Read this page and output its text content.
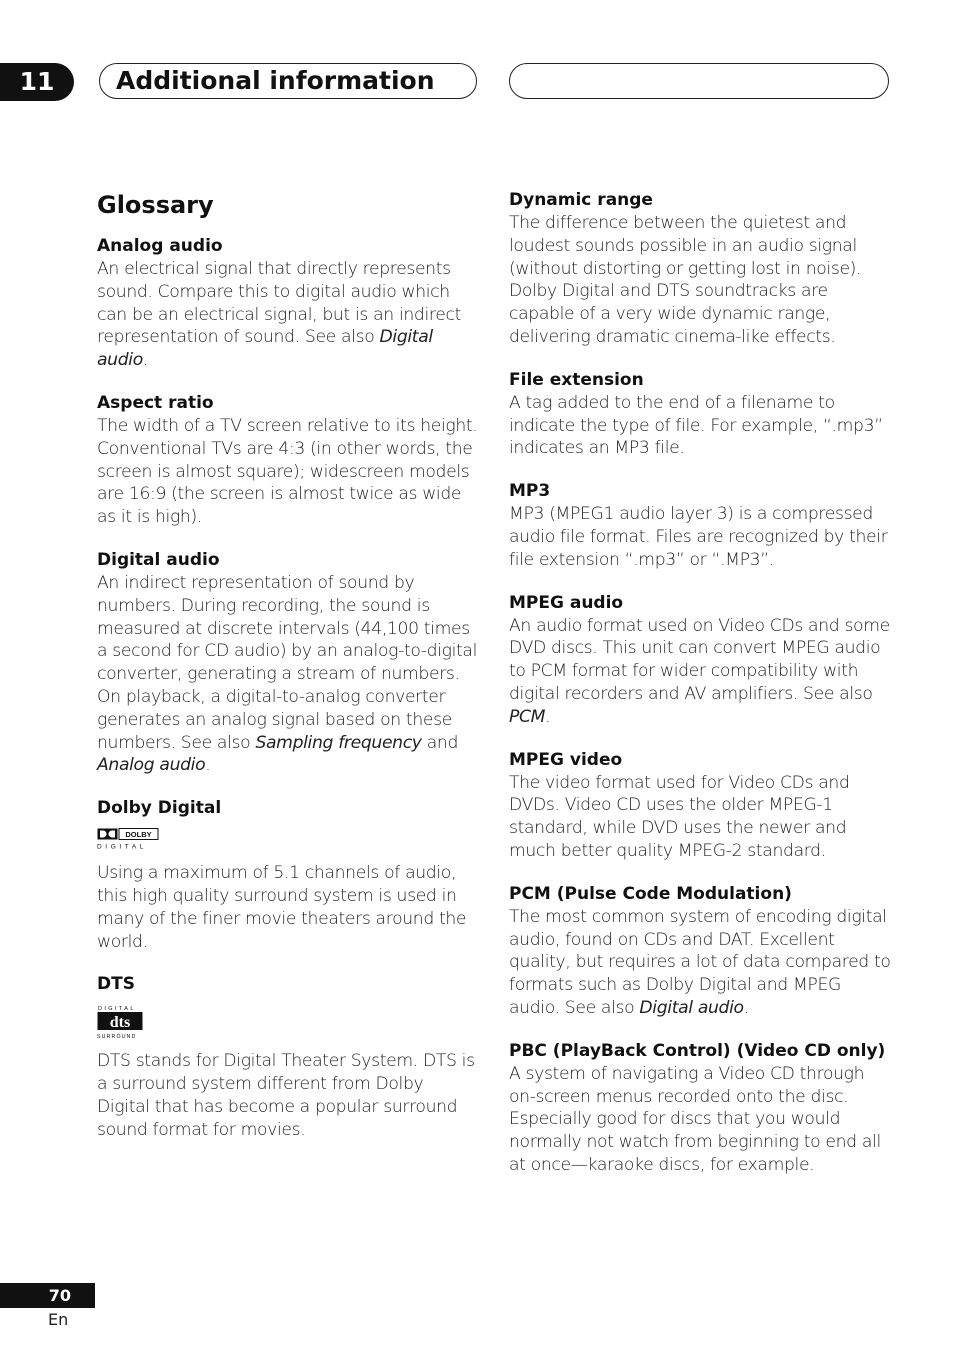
11	Additional information
Glossary
Analog audio
An electrical signal that directly represents sound. Compare this to digital audio which can be an electrical signal, but is an indirect representation of sound. See also Digital audio.
Aspect ratio
The width of a TV screen relative to its height. Conventional TVs are 4:3 (in other words, the screen is almost square); widescreen models are 16:9 (the screen is almost twice as wide as it is high).
Digital audio
An indirect representation of sound by numbers. During recording, the sound is measured at discrete intervals (44,100 times a second for CD audio) by an analog-to-digital converter, generating a stream of numbers. On playback, a digital-to-analog converter generates an analog signal based on these numbers. See also Sampling frequency and Analog audio.
Dolby Digital
DOLBY
DIGITAL
Using a maximum of 5.1 channels of audio, this high quality surround system is used in many of the finer movie theaters around the world.
DTS
DIGITAL
dts
SURROUND
DTS stands for Digital Theater System. DTS is a surround system different from Dolby Digital that has become a popular surround sound format for movies.
Dynamic range
The difference between the quietest and loudest sounds possible in an audio signal (without distorting or getting lost in noise). Dolby Digital and DTS soundtracks are capable of a very wide dynamic range, delivering dramatic cinema-like effects.
File extension
A tag added to the end of a filename to indicate the type of file. For example, “.mp3” indicates an MP3 file.
MP3
MP3 (MPEG1 audio layer 3) is a compressed audio file format. Files are recognized by their file extension “.mp3” or “.MP3”.
MPEG audio
An audio format used on Video CDs and some DVD discs. This unit can convert MPEG audio to PCM format for wider compatibility with digital recorders and AV amplifiers. See also PCM.
MPEG video
The video format used for Video CDs and DVDs. Video CD uses the older MPEG-1 standard, while DVD uses the newer and much better quality MPEG-2 standard.
PCM (Pulse Code Modulation)
The most common system of encoding digital audio, found on CDs and DAT. Excellent quality, but requires a lot of data compared to formats such as Dolby Digital and MPEG audio. See also Digital audio.
PBC (PlayBack Control) (Video CD only)
A system of navigating a Video CD through on-screen menus recorded onto the disc. Especially good for discs that you would normally not watch from beginning to end all at once—karaoke discs, for example.
70
En
